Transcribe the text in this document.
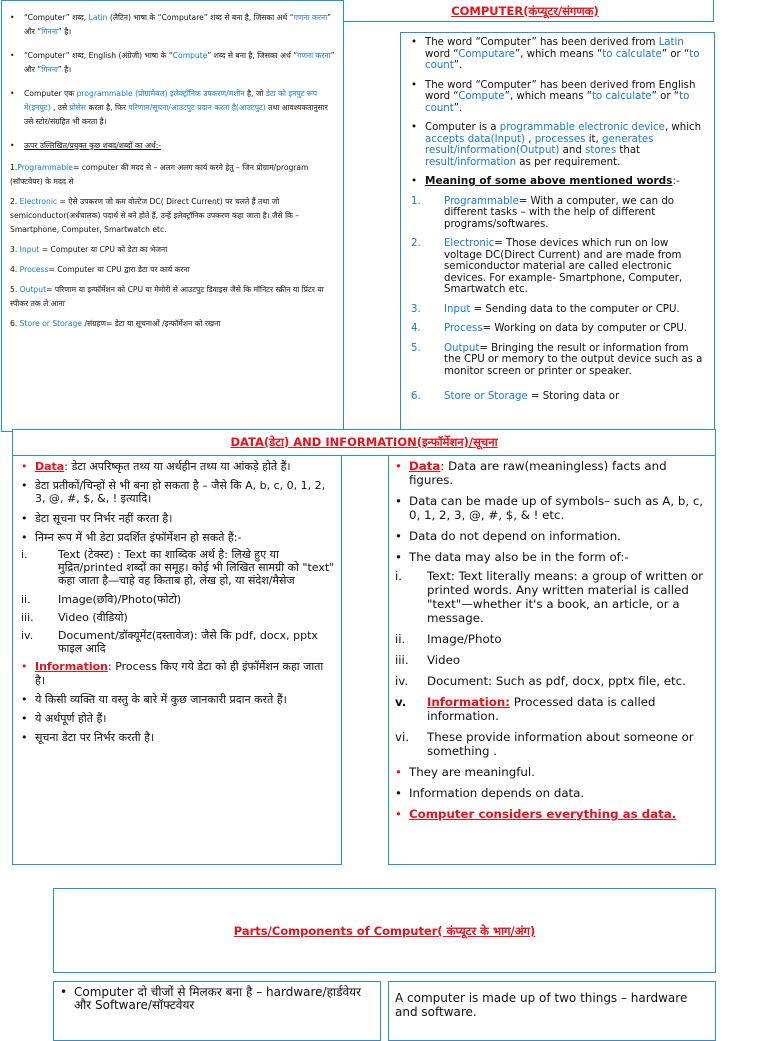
COMPUTER(कंप्यूटर/संगणक)
• “Computer” शब्द, Latin (लैटिन) भाषा के “Computare” शब्द से बना है, जिसका अर्थ “गणना करना” और “गिनना” है।
• “Computer” शब्द, English (अंग्रेजी) भाषा के “Compute” शब्द से बना है, जिसका अर्थ “गणना करना” और “गिनना” है।
• Computer एक programmable (प्रोग्रामेबल) इलेक्ट्रॉनिक उपकरण/मशीन है, जो डेटा को इनपुट रूप में(इनपुट) , उसे प्रोसेस करता है, फिर परिणाम/सूचना/आउटपुट प्रदान करता है(आउटपुट) तथा आवश्यकतानुसार उसे स्टोर/संग्रहित भी करता है।
• ऊपर उल्लिखित/प्रयुक्त कुछ शबद/शब्दों का अर्थ:-
1.Programmable= computer की मदद से – अलग अलग कार्य करने हेतु – जिन प्रोग्राम/program (सॉफ्टवेयर) के मदद से
2. Electronic = ऐसे उपकरण जो कम वोल्टेज DC( Direct Current) पर चलते हैं तथा जो semiconductor(अर्धचालक) पदार्थ से बने होते हैं, उन्हें इलेक्ट्रॉनिक उपकरण कहा जाता है। जैसे कि – Smartphone, Computer, Smartwatch etc.
3. Input = Computer या CPU को डेटा का भेजना
4. Process= Computer या CPU द्वारा डेटा पर कार्य करना
5. Output= परिणाम या इन्फॉर्मेशन को CPU या मेमोरी से आउटपुट डिवाइस जैसे कि मॉनिटर स्क्रीन या प्रिंटर या स्पीकर तक ले आना
6. Store or Storage /संग्रहण= डेटा या सूचनाओं /इन्फॉर्मेशन को रखना
• The word “Computer” has been derived from Latin word “Computare”, which means “to calculate” or “to count”.
• The word “Computer” has been derived from English word “Compute”, which means “to calculate” or “to count”.
• Computer is a programmable electronic device, which accepts data(Input) , processes it, generates result/information(Output) and stores that result/information as per requirement.
• Meaning of some above mentioned words:-
1.	Programmable= With a computer, we can do different tasks – with the help of different programs/softwares.
2.	Electronic= Those devices which run on low voltage DC(Direct Current) and are made from semiconductor material are called electronic devices. For example- Smartphone, Computer, Smartwatch etc.
3.	Input = Sending data to the computer or CPU.
4.	Process= Working on data by computer or CPU.
5.	Output= Bringing the result or information from the CPU or memory to the output device such as a monitor screen or printer or speaker.
6.	Store or Storage = Storing data or
DATA(डेटा) AND INFORMATION(इन्फॉर्मेशन)/सूचना
• Data: डेटा अपरिष्कृत तथ्य या अर्थहीन तथ्य या आंकड़े होते हैं।
• डेटा प्रतीकों/चिन्हों से भी बना हो सकता है – जैसे कि A, b, c, 0, 1, 2, 3, @, #, $, &, ! इत्यादि।
• डेटा सूचना पर निर्भर नहीं करता है।
• निम्न रूप में भी डेटा प्रदर्शित इंफॉर्मेशन हो सकते हैं:-
i.	Text (टेक्स्ट) : Text का शाब्दिक अर्थ है: लिखे हुए या मुद्रित/printed शब्दों का समूह। कोई भी लिखित सामग्री को "text" कहा जाता है—चाहे वह किताब हो, लेख हो, या संदेश/मैसेज
ii.	Image(छवि)/Photo(फोटो)
iii.	Video (वीडियो)
iv.	Document/डॉक्यूमेंट(दस्तावेज): जैसे कि pdf, docx, pptx फाइल आदि
• Information: Process किए गये डेटा को ही इंफॉर्मेशन कहा जाता है।
• ये किसी व्यक्ति या वस्तु के बारे में कुछ जानकारी प्रदान करते हैं।
• ये अर्थपूर्ण होते हैं।
• सूचना डेटा पर निर्भर करती है।
• Data: Data are raw(meaningless) facts and figures.
• Data can be made up of symbols– such as A, b, c, 0, 1, 2, 3, @, #, $, & ! etc.
• Data do not depend on information.
• The data may also be in the form of:-
i.	Text: Text literally means: a group of written or printed words. Any written material is called "text"—whether it's a book, an article, or a message.
ii.	Image/Photo
iii.	Video
iv.	Document: Such as pdf, docx, pptx file, etc.
v.	Information: Processed data is called information.
vi.	These provide information about someone or something .
• They are meaningful.
• Information depends on data.
• Computer considers everything as data.
Parts/Components of Computer( कंप्यूटर के भाग/अंग)
• Computer दो चीजों से मिलकर बना है – hardware/हार्डवेयर और Software/सॉफ्टवेयर	A computer is made up of two things – hardware and software.
